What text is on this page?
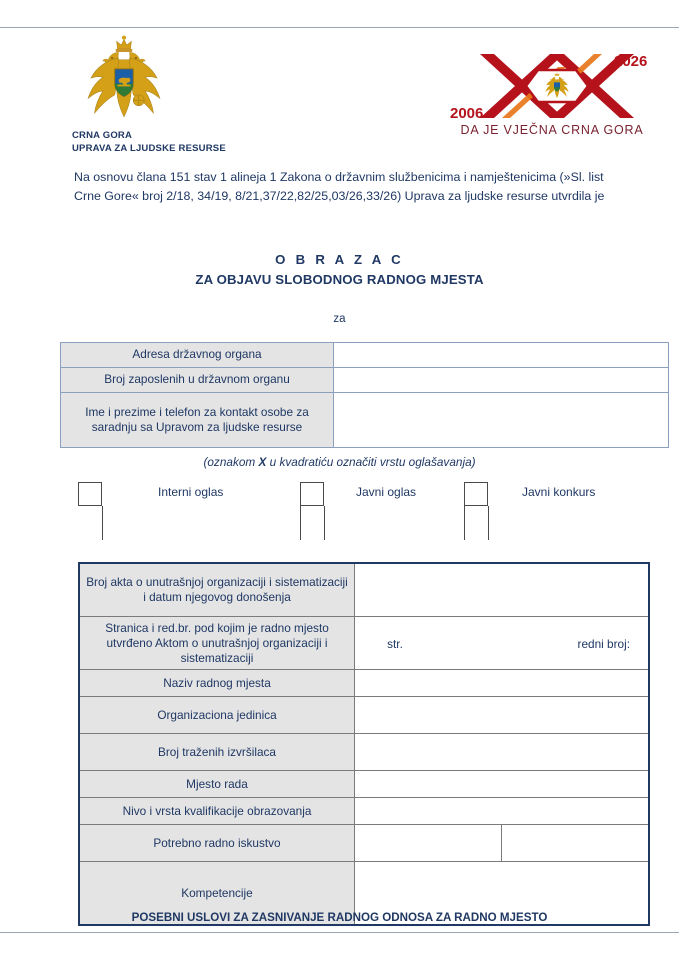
CRNA GORA
UPRAVA ZA LJUDSKE RESURSE
2006
2026
DA JE VJEČNA CRNA GORA
Na osnovu člana 151 stav 1 alineja 1 Zakona o državnim službenicima i namještenicima (»Sl. list Crne Gore« broj 2/18, 34/19, 8/21,37/22,82/25,03/26,33/26) Uprava za ljudske resurse utvrdila je
O B R A Z A C
ZA OBJAVU SLOBODNOG RADNOG MJESTA
za
Adresa državnog organa	
Broj zaposlenih u državnom organu	
Ime i prezime i telefon za kontakt osobe za saradnju sa Upravom za ljudske resurse	
(oznakom X u kvadratiću označiti vrstu oglašavanja)
Interni oglas	Javni oglas	Javni konkurs
Broj akta o unutrašnjoj organizaciji i sistematizaciji i datum njegovog donošenja		
Stranica i red.br. pod kojim je radno mjesto utvrđeno Aktom o unutrašnjoj organizaciji i sistematizaciji	str. redni broj:	

Naziv radnog mjesta		
Organizaciona jedinica		
Broj traženih izvršilaca		
Mjesto rada		
Nivo i vrsta kvalifikacije obrazovanja		
Potrebno radno iskustvo		
Kompetencije		
POSEBNI USLOVI ZA ZASNIVANJE RADNOG ODNOSA ZA RADNO MJESTO
